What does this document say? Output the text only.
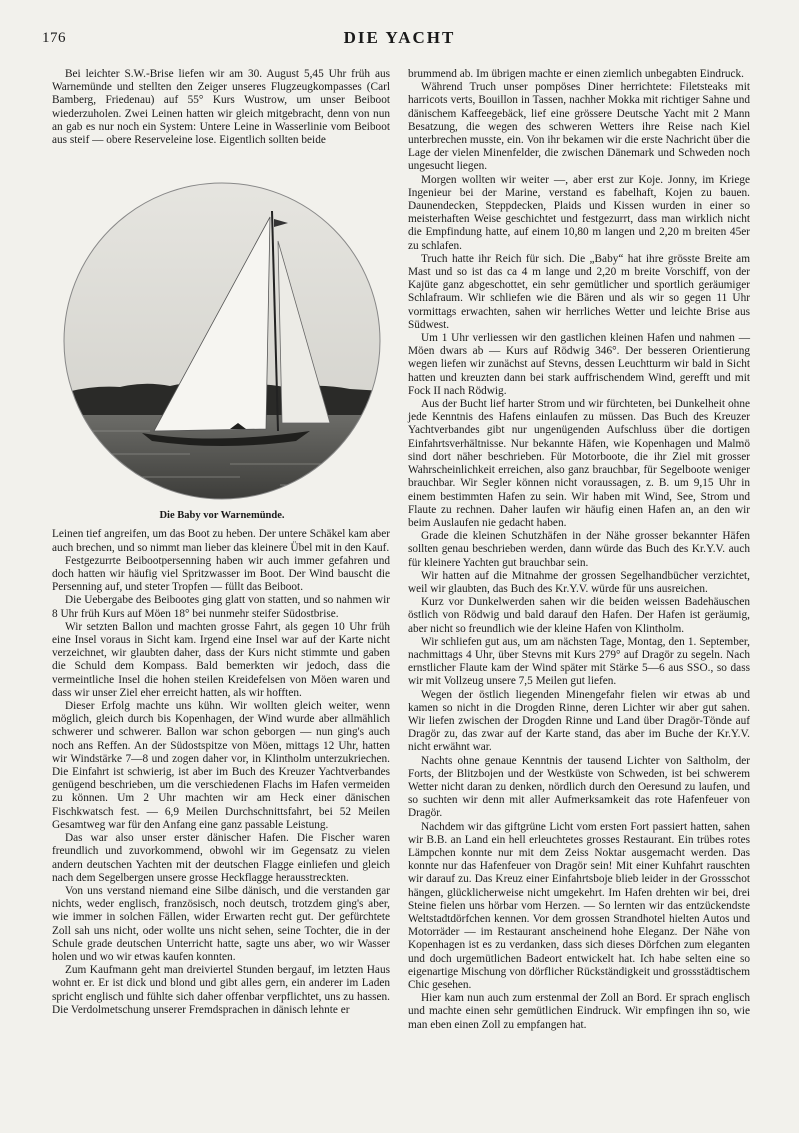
176	DIE YACHT

Bei leichter S.W.-Brise liefen wir am 30. August 5,45 Uhr früh aus Warnemünde und stellten den Zeiger unseres Flugzeugkompasses (Carl Bamberg, Friedenau) auf 55° Kurs Wustrow, um unser Beiboot wiederzuholen. Zwei Leinen hatten wir gleich mitgebracht, denn von nun an gab es nur noch ein System: Untere Leine in Wasserlinie vom Beiboot aus steif — obere Reserveleine lose. Eigentlich sollten beide

Die Baby vor Warnemünde.

Leinen tief angreifen, um das Boot zu heben. Der untere Schäkel kam aber auch brechen, und so nimmt man lieber das kleinere Übel mit in den Kauf.

Festgezurrte Beibootpersenning haben wir auch immer gefahren und doch hatten wir häufig viel Spritzwasser im Boot. Der Wind bauscht die Persenning auf, und steter Tropfen — füllt das Beiboot.

Die Uebergabe des Beibootes ging glatt von statten, und so nahmen wir 8 Uhr früh Kurs auf Möen 18° bei nunmehr steifer Südostbrise.

Wir setzten Ballon und machten grosse Fahrt, als gegen 10 Uhr früh eine Insel voraus in Sicht kam. Irgend eine Insel war auf der Karte nicht verzeichnet, wir glaubten daher, dass der Kurs nicht stimmte und gaben die Schuld dem Kompass. Bald bemerkten wir jedoch, dass die vermeintliche Insel die hohen steilen Kreidefelsen von Möen waren und dass wir unser Ziel eher erreicht hatten, als wir hofften.

Dieser Erfolg machte uns kühn. Wir wollten gleich weiter, wenn möglich, gleich durch bis Kopenhagen, der Wind wurde aber allmählich schwerer und schwerer. Ballon war schon geborgen — nun ging's auch noch ans Reffen. An der Südostspitze von Möen, mittags 12 Uhr, hatten wir Windstärke 7—8 und zogen daher vor, in Klintholm unterzukriechen. Die Einfahrt ist schwierig, ist aber im Buch des Kreuzer Yachtverbandes genügend beschrieben, um die verschiedenen Flachs im Hafen vermeiden zu können. Um 2 Uhr machten wir am Heck einer dänischen Fischkwatsch fest. — 6,9 Meilen Durchschnittsfahrt, bei 52 Meilen Gesamtweg war für den Anfang eine ganz passable Leistung.

Das war also unser erster dänischer Hafen. Die Fischer waren freundlich und zuvorkommend, obwohl wir im Gegensatz zu vielen andern deutschen Yachten mit der deutschen Flagge einliefen und gleich nach dem Segelbergen unsere grosse Heckflagge herausstreckten.

Von uns verstand niemand eine Silbe dänisch, und die verstanden gar nichts, weder englisch, französisch, noch deutsch, trotzdem ging's aber, wie immer in solchen Fällen, wider Erwarten recht gut. Der gefürchtete Zoll sah uns nicht, oder wollte uns nicht sehen, seine Tochter, die in der Schule grade deutschen Unterricht hatte, sagte uns aber, wo wir Wasser holen und wo wir etwas kaufen konnten.

Zum Kaufmann geht man dreiviertel Stunden bergauf, im letzten Haus wohnt er. Er ist dick und blond und gibt alles gern, ein anderer im Laden spricht englisch und fühlte sich daher offenbar verpflichtet, uns zu hassen. Die Verdolmetschung unserer Fremdsprachen in dänisch lehnte er

brummend ab. Im übrigen machte er einen ziemlich unbegabten Eindruck.

Während Truch unser pompöses Diner herrichtete: Filetsteaks mit harricots verts, Bouillon in Tassen, nachher Mokka mit richtiger Sahne und dänischem Kaffeegebäck, lief eine grössere Deutsche Yacht mit 2 Mann Besatzung, die wegen des schweren Wetters ihre Reise nach Kiel unterbrechen musste, ein. Von ihr bekamen wir die erste Nachricht über die Lage der vielen Minenfelder, die zwischen Dänemark und Schweden noch ungesucht liegen.

Morgen wollten wir weiter —, aber erst zur Koje. Jonny, im Kriege Ingenieur bei der Marine, verstand es fabelhaft, Kojen zu bauen. Daunendecken, Steppdecken, Plaids und Kissen wurden in einer so meisterhaften Weise geschichtet und festgezurrt, dass man wirklich nicht die Empfindung hatte, auf einem 10,80 m langen und 2,20 m breiten 45er zu schlafen.

Truch hatte ihr Reich für sich. Die „Baby“ hat ihre grösste Breite am Mast und so ist das ca 4 m lange und 2,20 m breite Vorschiff, von der Kajüte ganz abgeschottet, ein sehr gemütlicher und sportlich geräumiger Schlafraum. Wir schliefen wie die Bären und als wir so gegen 11 Uhr vormittags erwachten, sahen wir herrliches Wetter und leichte Brise aus Südwest.

Um 1 Uhr verliessen wir den gastlichen kleinen Hafen und nahmen — Möen dwars ab — Kurs auf Rödwig 346°. Der besseren Orientierung wegen liefen wir zunächst auf Stevns, dessen Leuchtturm wir bald in Sicht hatten und kreuzten dann bei stark auffrischendem Wind, gerefft und mit Fock II nach Rödwig.

Aus der Bucht lief harter Strom und wir fürchteten, bei Dunkelheit ohne jede Kenntnis des Hafens einlaufen zu müssen. Das Buch des Kreuzer Yachtverbandes gibt nur ungenügenden Aufschluss über die dortigen Einfahrtsverhältnisse. Nur bekannte Häfen, wie Kopenhagen und Malmö sind dort näher beschrieben. Für Motorboote, die ihr Ziel mit grosser Wahrscheinlichkeit erreichen, also ganz brauchbar, für Segelboote weniger brauchbar. Wir Segler können nicht voraussagen, z. B. um 9,15 Uhr in einem bestimmten Hafen zu sein. Wir haben mit Wind, See, Strom und Flaute zu rechnen. Daher laufen wir häufig einen Hafen an, an den wir beim Auslaufen nie gedacht haben.

Grade die kleinen Schutzhäfen in der Nähe grosser bekannter Häfen sollten genau beschrieben werden, dann würde das Buch des Kr.Y.V. auch für kleinere Yachten gut brauchbar sein.

Wir hatten auf die Mitnahme der grossen Segelhandbücher verzichtet, weil wir glaubten, das Buch des Kr.Y.V. würde für uns ausreichen.

Kurz vor Dunkelwerden sahen wir die beiden weissen Badehäuschen östlich von Rödwig und bald darauf den Hafen. Der Hafen ist geräumig, aber nicht so freundlich wie der kleine Hafen von Klintholm.

Wir schliefen gut aus, um am nächsten Tage, Montag, den 1. September, nachmittags 4 Uhr, über Stevns mit Kurs 279° auf Dragör zu segeln. Nach ernstlicher Flaute kam der Wind später mit Stärke 5—6 aus SSO., so dass wir mit Vollzeug unsere 7,5 Meilen gut liefen.

Wegen der östlich liegenden Minengefahr fielen wir etwas ab und kamen so nicht in die Drogden Rinne, deren Lichter wir aber gut sahen. Wir liefen zwischen der Drogden Rinne und Land über Dragör-Tönde auf Dragör zu, das zwar auf der Karte stand, das aber im Buche der Kr.Y.V. nicht erwähnt war.

Nachts ohne genaue Kenntnis der tausend Lichter von Saltholm, der Forts, der Blitzbojen und der Westküste von Schweden, ist bei schwerem Wetter nicht daran zu denken, nördlich durch den Oeresund zu laufen, und so suchten wir denn mit aller Aufmerksamkeit das rote Hafenfeuer von Dragör.

Nachdem wir das giftgrüne Licht vom ersten Fort passiert hatten, sahen wir B.B. an Land ein hell erleuchtetes grosses Restaurant. Ein trübes rotes Lämpchen konnte nur mit dem Zeiss Noktar ausgemacht werden. Das konnte nur das Hafenfeuer von Dragör sein! Mit einer Kuhfahrt rauschten wir darauf zu. Das Kreuz einer Einfahrtsboje blieb leider in der Grossschot hängen, glücklicherweise nicht umgekehrt. Im Hafen drehten wir bei, drei Steine fielen uns hörbar vom Herzen. — So lernten wir das entzückendste Weltstadtdörfchen kennen. Vor dem grossen Strandhotel hielten Autos und Motorräder — im Restaurant anscheinend hohe Eleganz. Der Nähe von Kopenhagen ist es zu verdanken, dass sich dieses Dörfchen zum eleganten und doch urgemütlichen Badeort entwickelt hat. Ich habe selten eine so eigenartige Mischung von dörflicher Rückständigkeit und grossstädtischem Chic gesehen.

Hier kam nun auch zum erstenmal der Zoll an Bord. Er sprach englisch und machte einen sehr gemütlichen Eindruck. Wir empfingen ihn so, wie man eben einen Zoll zu empfangen hat.
